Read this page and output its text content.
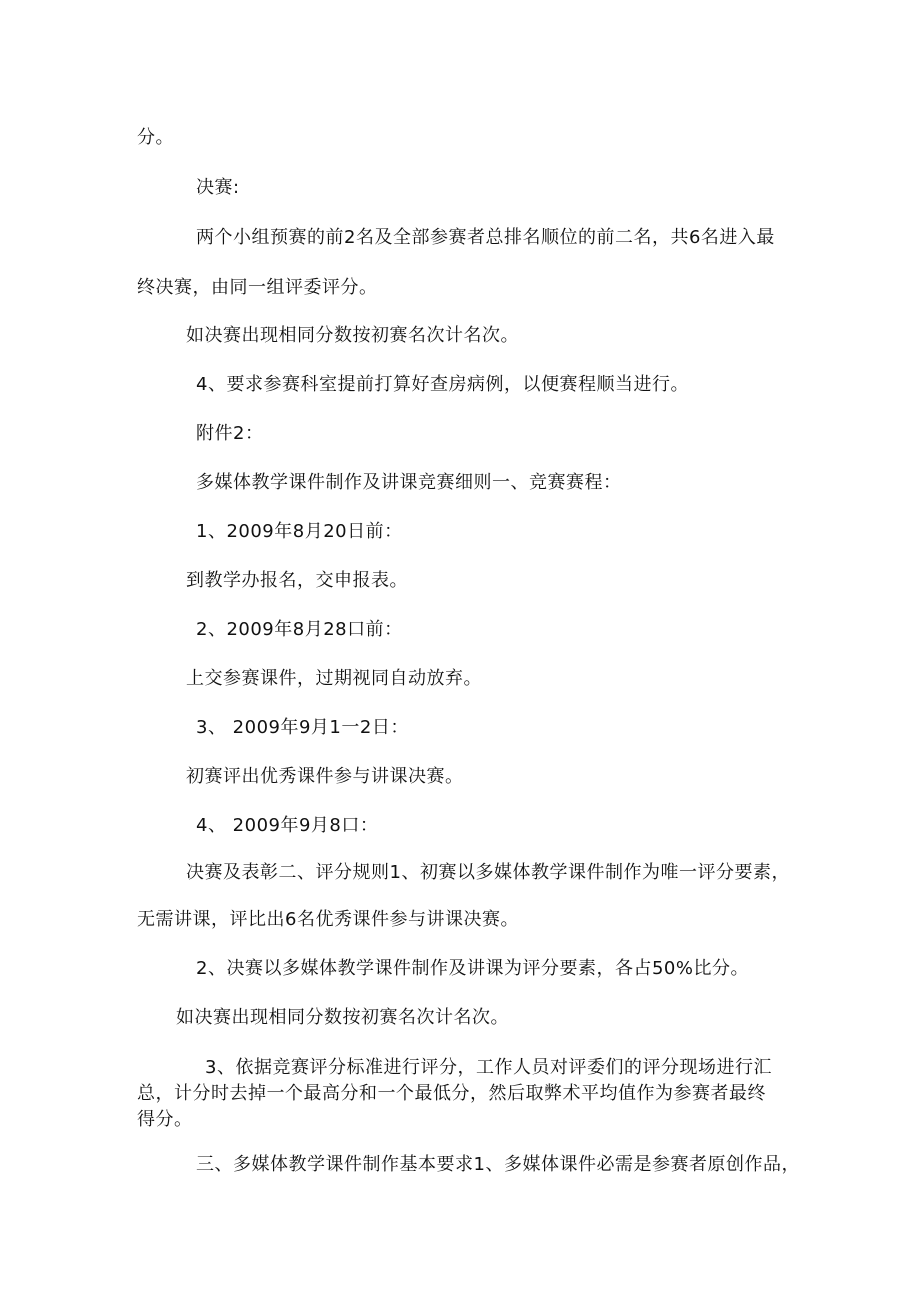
分。
决赛:
两个小组预赛的前2名及全部参赛者总排名顺位的前二名，共6名进入最
终决赛，由同一组评委评分。
如决赛出现相同分数按初赛名次计名次。
4、要求参赛科室提前打算好查房病例，以便赛程顺当进行。
附件2：
多媒体教学课件制作及讲课竞赛细则一、竞赛赛程：
1、2009年8月20日前：
到教学办报名，交申报表。
2、2009年8月28口前：
上交参赛课件，过期视同自动放弃。
3、 2009年9月1一2日：
初赛评出优秀课件参与讲课决赛。
4、 2009年9月8口：
决赛及表彰二、评分规则1、初赛以多媒体教学课件制作为唯一评分要素，
无需讲课，评比出6名优秀课件参与讲课决赛。
2、决赛以多媒体教学课件制作及讲课为评分要素，各占50%比分。
如决赛出现相同分数按初赛名次计名次。
3、依据竞赛评分标准进行评分，工作人员对评委们的评分现场进行汇
总，计分时去掉一个最高分和一个最低分，然后取弊术平均值作为参赛者最终
得分。
三、多媒体教学课件制作基本要求1、多媒体课件必需是参赛者原创作品，
